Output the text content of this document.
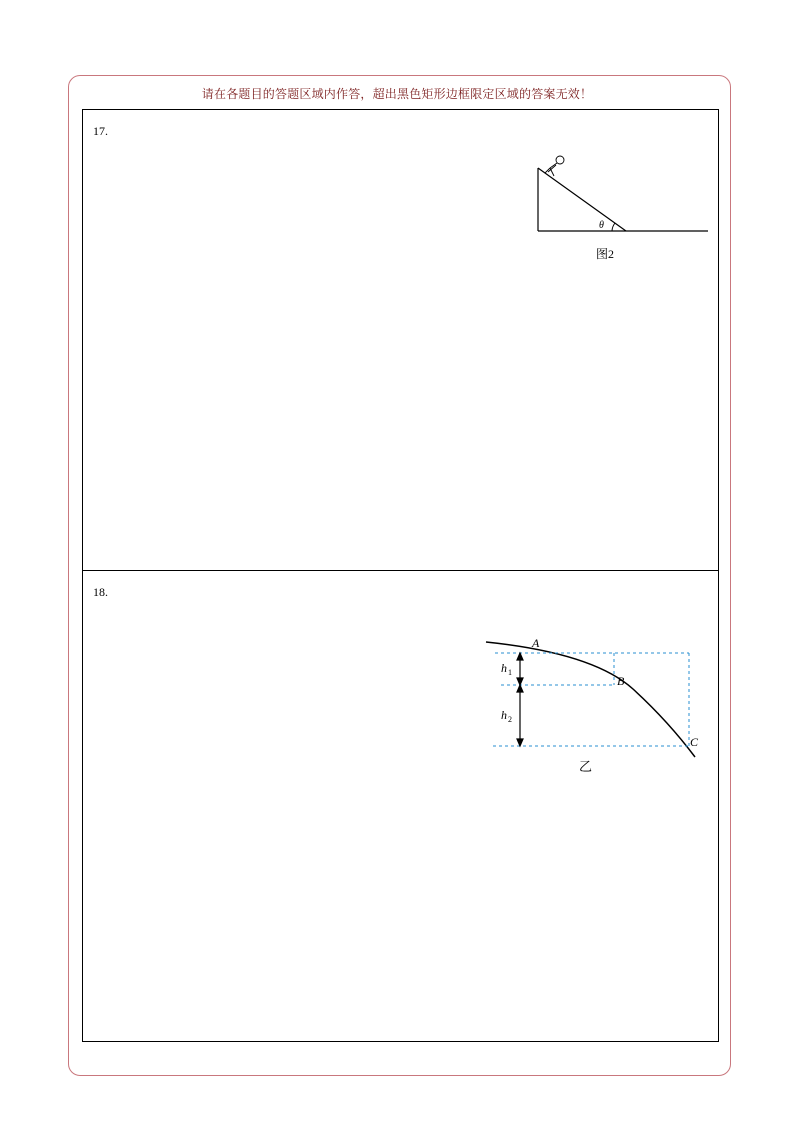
请在各题目的答题区域内作答，超出黑色矩形边框限定区域的答案无效！
17.
θ
图2
18.
A
B
C
h 1
h 2
乙
